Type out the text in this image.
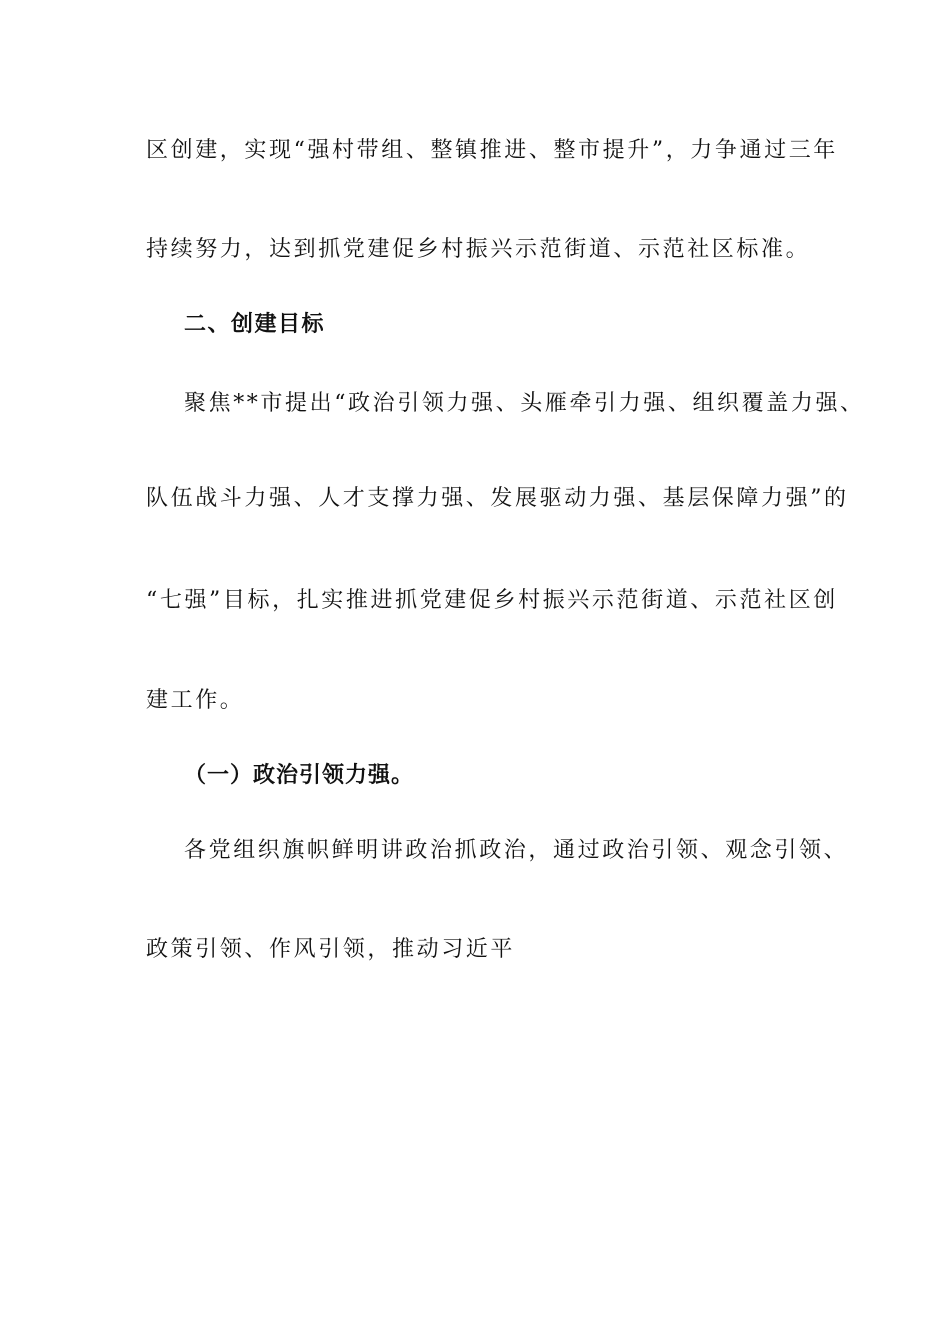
区创建，实现“强村带组、整镇推进、整市提升”，力争通过三年
持续努力，达到抓党建促乡村振兴示范街道、示范社区标准。
二、创建目标
聚焦**市提出“政治引领力强、头雁牵引力强、组织覆盖力强、
队伍战斗力强、人才支撑力强、发展驱动力强、基层保障力强”的
“七强”目标，扎实推进抓党建促乡村振兴示范街道、示范社区创
建工作。
（一）政治引领力强。
各党组织旗帜鲜明讲政治抓政治，通过政治引领、观念引领、
政策引领、作风引领，推动习近平
